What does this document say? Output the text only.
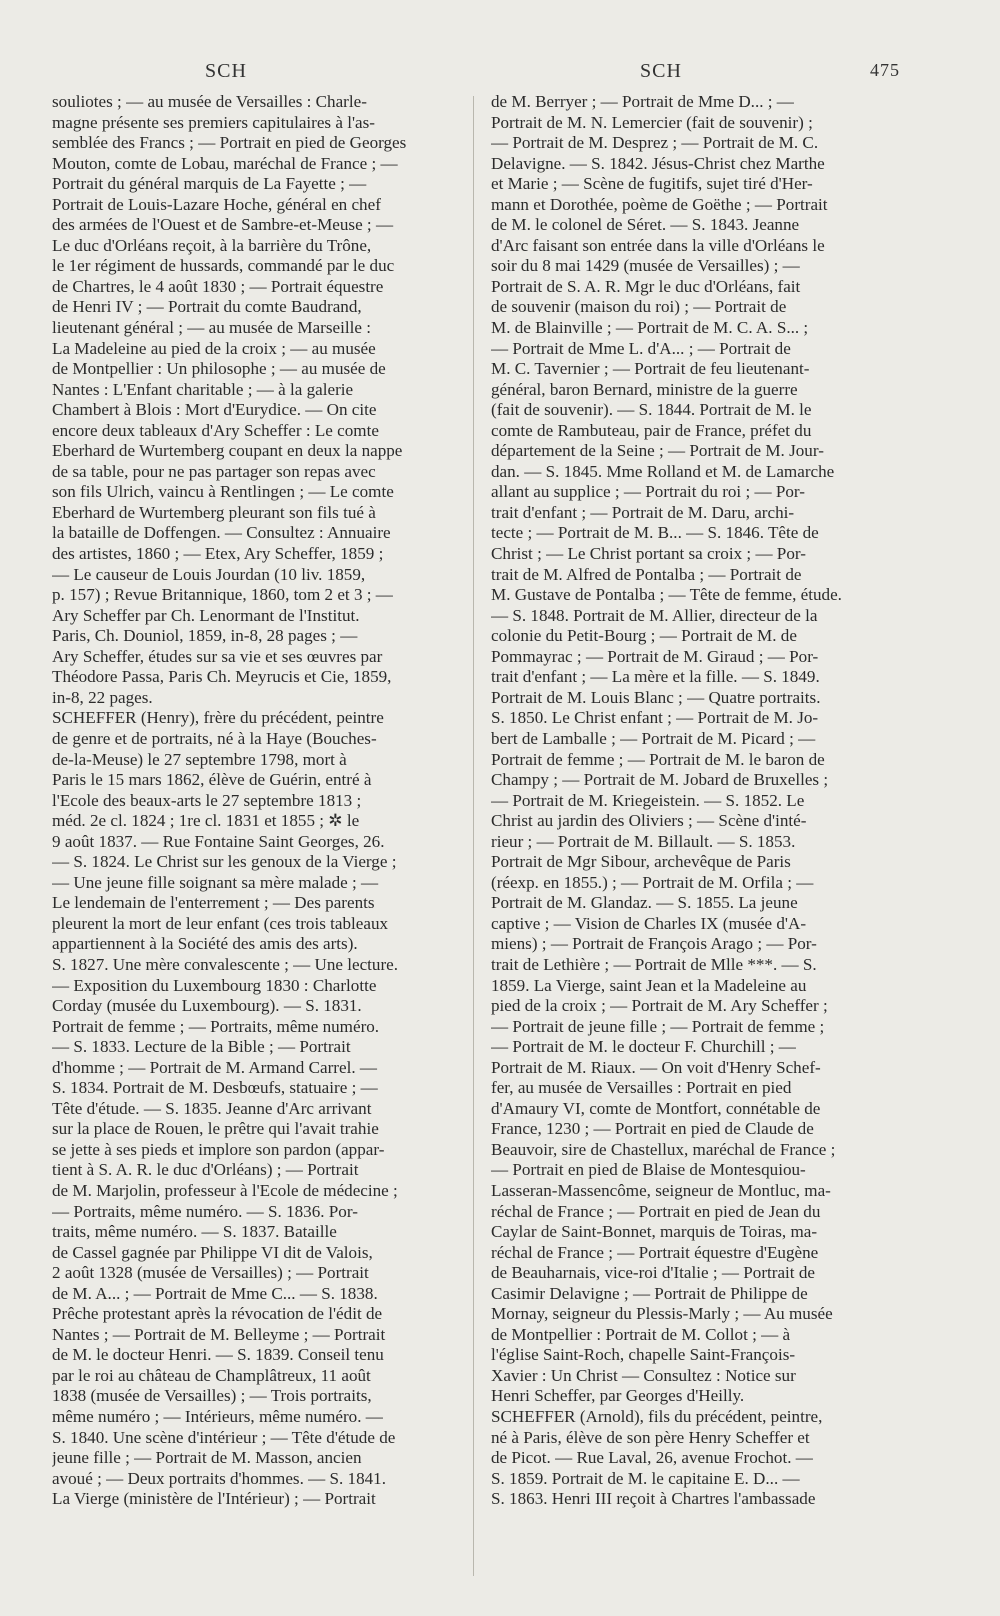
SCH	SCH	475
souliotes ; — au musée de Versailles : Charle-
magne présente ses premiers capitulaires à l'as-
semblée des Francs ; — Portrait en pied de Georges
Mouton, comte de Lobau, maréchal de France ; —
Portrait du général marquis de La Fayette ; —
Portrait de Louis-Lazare Hoche, général en chef
des armées de l'Ouest et de Sambre-et-Meuse ; —
Le duc d'Orléans reçoit, à la barrière du Trône,
le 1er régiment de hussards, commandé par le duc
de Chartres, le 4 août 1830 ; — Portrait équestre
de Henri IV ; — Portrait du comte Baudrand,
lieutenant général ; — au musée de Marseille :
La Madeleine au pied de la croix ; — au musée
de Montpellier : Un philosophe ; — au musée de
Nantes : L'Enfant charitable ; — à la galerie
Chambert à Blois : Mort d'Eurydice. — On cite
encore deux tableaux d'Ary Scheffer : Le comte
Eberhard de Wurtemberg coupant en deux la nappe
de sa table, pour ne pas partager son repas avec
son fils Ulrich, vaincu à Rentlingen ; — Le comte
Eberhard de Wurtemberg pleurant son fils tué à
la bataille de Doffengen. — Consultez : Annuaire
des artistes, 1860 ; — Etex, Ary Scheffer, 1859 ;
— Le causeur de Louis Jourdan (10 liv. 1859,
p. 157) ; Revue Britannique, 1860, tom 2 et 3 ; —
Ary Scheffer par Ch. Lenormant de l'Institut.
Paris, Ch. Douniol, 1859, in-8, 28 pages ; —
Ary Scheffer, études sur sa vie et ses œuvres par
Théodore Passa, Paris Ch. Meyrucis et Cie, 1859,
in-8, 22 pages.
SCHEFFER (Henry), frère du précédent, peintre
de genre et de portraits, né à la Haye (Bouches-
de-la-Meuse) le 27 septembre 1798, mort à
Paris le 15 mars 1862, élève de Guérin, entré à
l'Ecole des beaux-arts le 27 septembre 1813 ;
méd. 2e cl. 1824 ; 1re cl. 1831 et 1855 ; ✲ le
9 août 1837. — Rue Fontaine Saint Georges, 26.
— S. 1824. Le Christ sur les genoux de la Vierge ;
— Une jeune fille soignant sa mère malade ; —
Le lendemain de l'enterrement ; — Des parents
pleurent la mort de leur enfant (ces trois tableaux
appartiennent à la Société des amis des arts).
S. 1827. Une mère convalescente ; — Une lecture.
— Exposition du Luxembourg 1830 : Charlotte
Corday (musée du Luxembourg). — S. 1831.
Portrait de femme ; — Portraits, même numéro.
— S. 1833. Lecture de la Bible ; — Portrait
d'homme ; — Portrait de M. Armand Carrel. —
S. 1834. Portrait de M. Desbœufs, statuaire ; —
Tête d'étude. — S. 1835. Jeanne d'Arc arrivant
sur la place de Rouen, le prêtre qui l'avait trahie
se jette à ses pieds et implore son pardon (appar-
tient à S. A. R. le duc d'Orléans) ; — Portrait
de M. Marjolin, professeur à l'Ecole de médecine ;
— Portraits, même numéro. — S. 1836. Por-
traits, même numéro. — S. 1837. Bataille
de Cassel gagnée par Philippe VI dit de Valois,
2 août 1328 (musée de Versailles) ; — Portrait
de M. A... ; — Portrait de Mme C... — S. 1838.
Prêche protestant après la révocation de l'édit de
Nantes ; — Portrait de M. Belleyme ; — Portrait
de M. le docteur Henri. — S. 1839. Conseil tenu
par le roi au château de Champlâtreux, 11 août
1838 (musée de Versailles) ; — Trois portraits,
même numéro ; — Intérieurs, même numéro. —
S. 1840. Une scène d'intérieur ; — Tête d'étude de
jeune fille ; — Portrait de M. Masson, ancien
avoué ; — Deux portraits d'hommes. — S. 1841.
La Vierge (ministère de l'Intérieur) ; — Portrait
de M. Berryer ; — Portrait de Mme D... ; —
Portrait de M. N. Lemercier (fait de souvenir) ;
— Portrait de M. Desprez ; — Portrait de M. C.
Delavigne. — S. 1842. Jésus-Christ chez Marthe
et Marie ; — Scène de fugitifs, sujet tiré d'Her-
mann et Dorothée, poème de Goëthe ; — Portrait
de M. le colonel de Séret. — S. 1843. Jeanne
d'Arc faisant son entrée dans la ville d'Orléans le
soir du 8 mai 1429 (musée de Versailles) ; —
Portrait de S. A. R. Mgr le duc d'Orléans, fait
de souvenir (maison du roi) ; — Portrait de
M. de Blainville ; — Portrait de M. C. A. S... ;
— Portrait de Mme L. d'A... ; — Portrait de
M. C. Tavernier ; — Portrait de feu lieutenant-
général, baron Bernard, ministre de la guerre
(fait de souvenir). — S. 1844. Portrait de M. le
comte de Rambuteau, pair de France, préfet du
département de la Seine ; — Portrait de M. Jour-
dan. — S. 1845. Mme Rolland et M. de Lamarche
allant au supplice ; — Portrait du roi ; — Por-
trait d'enfant ; — Portrait de M. Daru, archi-
tecte ; — Portrait de M. B... — S. 1846. Tête de
Christ ; — Le Christ portant sa croix ; — Por-
trait de M. Alfred de Pontalba ; — Portrait de
M. Gustave de Pontalba ; — Tête de femme, étude.
— S. 1848. Portrait de M. Allier, directeur de la
colonie du Petit-Bourg ; — Portrait de M. de
Pommayrac ; — Portrait de M. Giraud ; — Por-
trait d'enfant ; — La mère et la fille. — S. 1849.
Portrait de M. Louis Blanc ; — Quatre portraits.
S. 1850. Le Christ enfant ; — Portrait de M. Jo-
bert de Lamballe ; — Portrait de M. Picard ; —
Portrait de femme ; — Portrait de M. le baron de
Champy ; — Portrait de M. Jobard de Bruxelles ;
— Portrait de M. Kriegeistein. — S. 1852. Le
Christ au jardin des Oliviers ; — Scène d'inté-
rieur ; — Portrait de M. Billault. — S. 1853.
Portrait de Mgr Sibour, archevêque de Paris
(réexp. en 1855.) ; — Portrait de M. Orfila ; —
Portrait de M. Glandaz. — S. 1855. La jeune
captive ; — Vision de Charles IX (musée d'A-
miens) ; — Portrait de François Arago ; — Por-
trait de Lethière ; — Portrait de Mlle ***. — S.
1859. La Vierge, saint Jean et la Madeleine au
pied de la croix ; — Portrait de M. Ary Scheffer ;
— Portrait de jeune fille ; — Portrait de femme ;
— Portrait de M. le docteur F. Churchill ; —
Portrait de M. Riaux. — On voit d'Henry Schef-
fer, au musée de Versailles : Portrait en pied
d'Amaury VI, comte de Montfort, connétable de
France, 1230 ; — Portrait en pied de Claude de
Beauvoir, sire de Chastellux, maréchal de France ;
— Portrait en pied de Blaise de Montesquiou-
Lasseran-Massencôme, seigneur de Montluc, ma-
réchal de France ; — Portrait en pied de Jean du
Caylar de Saint-Bonnet, marquis de Toiras, ma-
réchal de France ; — Portrait équestre d'Eugène
de Beauharnais, vice-roi d'Italie ; — Portrait de
Casimir Delavigne ; — Portrait de Philippe de
Mornay, seigneur du Plessis-Marly ; — Au musée
de Montpellier : Portrait de M. Collot ; — à
l'église Saint-Roch, chapelle Saint-François-
Xavier : Un Christ — Consultez : Notice sur
Henri Scheffer, par Georges d'Heilly.
SCHEFFER (Arnold), fils du précédent, peintre,
né à Paris, élève de son père Henry Scheffer et
de Picot. — Rue Laval, 26, avenue Frochot. —
S. 1859. Portrait de M. le capitaine E. D... —
S. 1863. Henri III reçoit à Chartres l'ambassade
